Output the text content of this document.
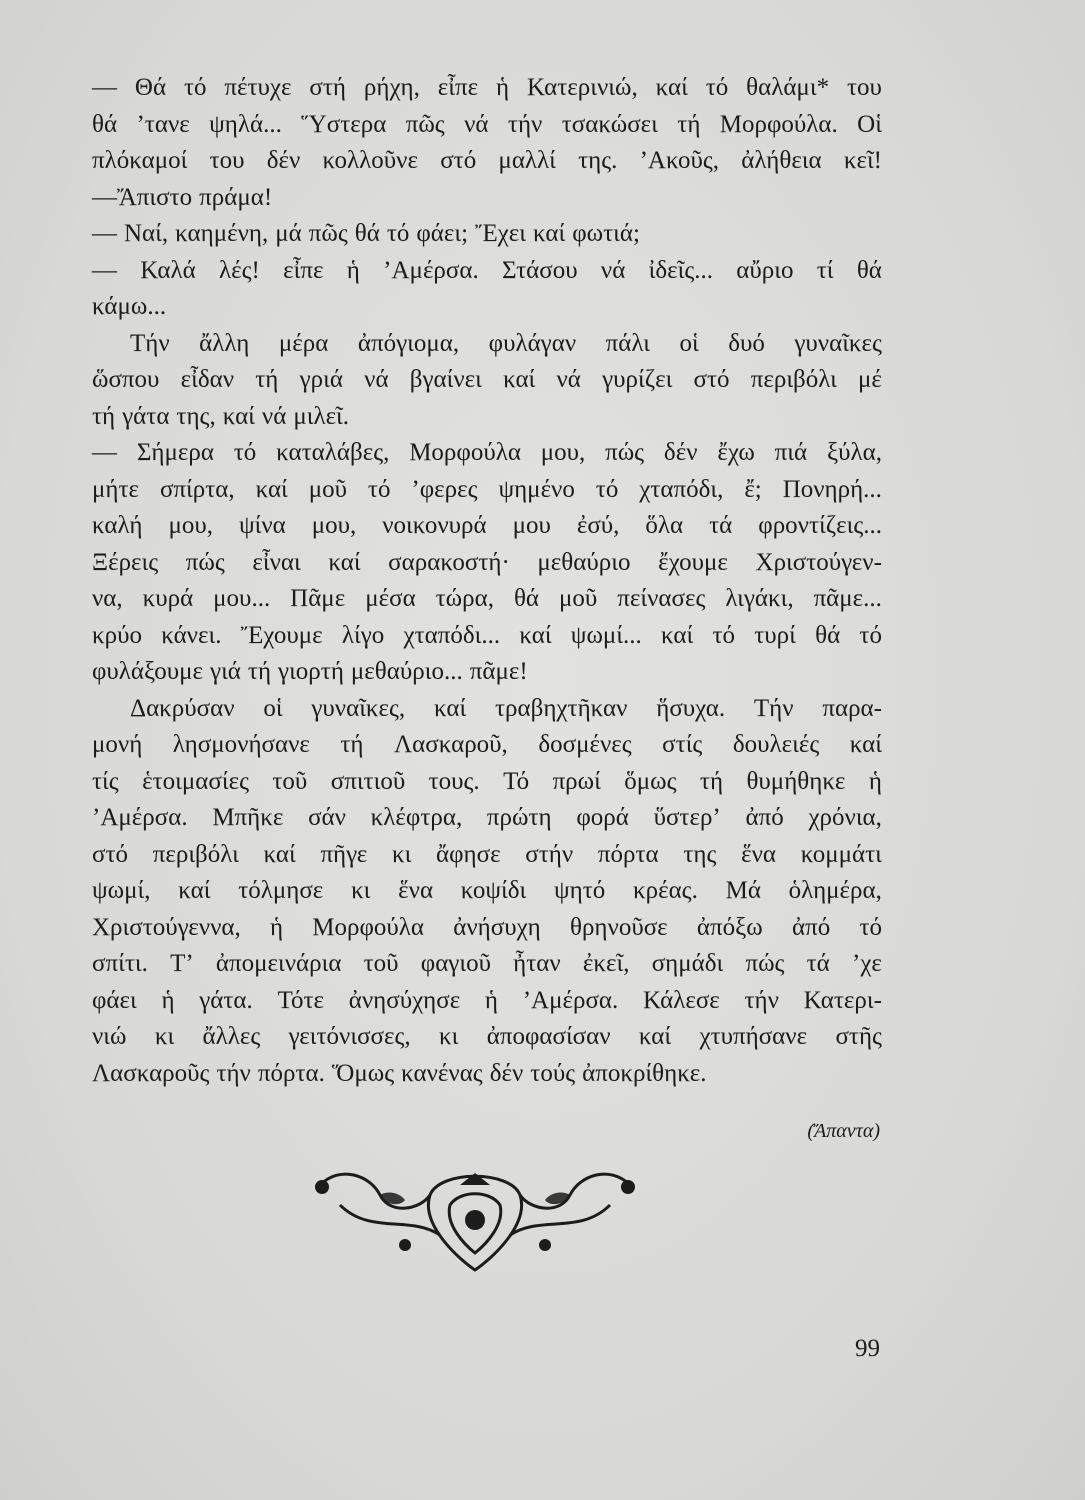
— Θά τό πέτυχε στή ρήχη, εἶπε ἡ Κατερινιώ, καί τό θαλάμι* του
θά ’τανε ψηλά... Ὕστερα πῶς νά τήν τσακώσει τή Μορφούλα. Οἱ
πλόκαμοί του δέν κολλοῦνε στό μαλλί της. ’Ακοῦς, ἀλήθεια κεῖ!
—Ἄπιστο πράμα!
— Ναί, καημένη, μά πῶς θά τό φάει; Ἔχει καί φωτιά;
— Καλά λές! εἶπε ἡ ’Αμέρσα. Στάσου νά ἰδεῖς... αὔριο τί θά
κάμω...
Τήν ἄλλη μέρα ἀπόγιομα, φυλάγαν πάλι οἱ δυό γυναῖκες
ὥσπου εἶδαν τή γριά νά βγαίνει καί νά γυρίζει στό περιβόλι μέ
τή γάτα της, καί νά μιλεῖ.
— Σήμερα τό καταλάβες, Μορφούλα μου, πώς δέν ἔχω πιά ξύλα,
μήτε σπίρτα, καί μοῦ τό ’φερες ψημένο τό χταπόδι, ἔ; Πονηρή...
καλή μου, ψίνα μου, νοικονυρά μου ἐσύ, ὅλα τά φροντίζεις...
Ξέρεις πώς εἶναι καί σαρακοστή· μεθαύριο ἔχουμε Χριστούγεν-
να, κυρά μου... Πᾶμε μέσα τώρα, θά μοῦ πείνασες λιγάκι, πᾶμε...
κρύο κάνει. Ἔχουμε λίγο χταπόδι... καί ψωμί... καί τό τυρί θά τό
φυλάξουμε γιά τή γιορτή μεθαύριο... πᾶμε!
Δακρύσαν οἱ γυναῖκες, καί τραβηχτῆκαν ἥσυχα. Τήν παρα-
μονή λησμονήσανε τή Λασκαροῦ, δοσμένες στίς δουλειές καί
τίς ἑτοιμασίες τοῦ σπιτιοῦ τους. Τό πρωί ὅμως τή θυμήθηκε ἡ
’Αμέρσα. Μπῆκε σάν κλέφτρα, πρώτη φορά ὕστερ’ ἀπό χρόνια,
στό περιβόλι καί πῆγε κι ἄφησε στήν πόρτα της ἕνα κομμάτι
ψωμί, καί τόλμησε κι ἕνα κοψίδι ψητό κρέας. Μά ὁλημέρα,
Χριστούγεννα, ἡ Μορφούλα ἀνήσυχη θρηνοῦσε ἀπόξω ἀπό τό
σπίτι. Τ’ ἀπομεινάρια τοῦ φαγιοῦ ἦταν ἐκεῖ, σημάδι πώς τά ’χε
φάει ἡ γάτα. Τότε ἀνησύχησε ἡ ’Αμέρσα. Κάλεσε τήν Κατερι-
νιώ κι ἄλλες γειτόνισσες, κι ἀποφασίσαν καί χτυπήσανε στῆς
Λασκαροῦς τήν πόρτα. Ὅμως κανένας δέν τούς ἀποκρίθηκε.
(Ἄπαντα)
99
